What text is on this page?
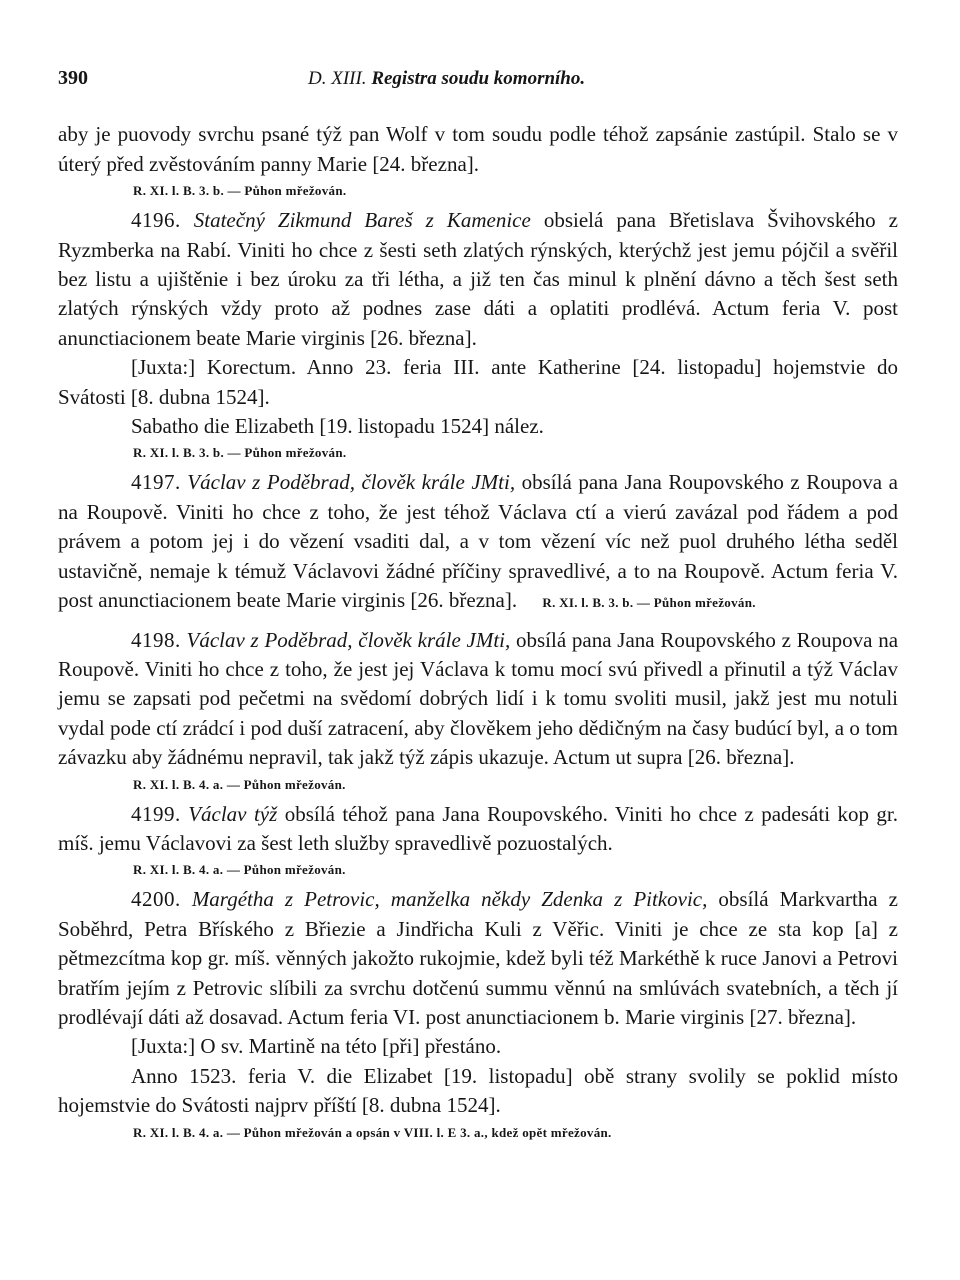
390	D. XIII. Registra soudu komorního.

aby je puovody svrchu psané týž pan Wolf v tom soudu podle téhož zapsánie zastúpil. Stalo se v úterý před zvěstováním panny Marie [24. března].

R. XI. l. B. 3. b. — Půhon mřežován.

4196. Statečný Zikmund Bareš z Kamenice obsielá pana Břetislava Švihovského z Ryzmberka na Rabí. Viniti ho chce z šesti seth zlatých rýnských, kterýchž jest jemu pójčil a svěřil bez listu a ujištěnie i bez úroku za tři létha, a již ten čas minul k plnění dávno a těch šest seth zlatých rýnských vždy proto až podnes zase dáti a oplatiti prodlévá. Actum feria V. post anunctiacionem beate Marie virginis [26. března].

[Juxta:] Korectum. Anno 23. feria III. ante Katherine [24. listopadu] hojemstvie do Svátosti [8. dubna 1524].

Sabatho die Elizabeth [19. listopadu 1524] nález.

R. XI. l. B. 3. b. — Půhon mřežován.

4197. Václav z Poděbrad, člověk krále JMti, obsílá pana Jana Roupovského z Roupova a na Roupově. Viniti ho chce z toho, že jest téhož Václava ctí a vierú zavázal pod řádem a pod právem a potom jej i do vězení vsaditi dal, a v tom vězení víc než puol druhého létha seděl ustavičně, nemaje k témuž Václavovi žádné příčiny spravedlivé, a to na Roupově. Actum feria V. post anunctiacionem beate Marie virginis [26. března]. R. XI. l. B. 3. b. — Půhon mřežován.

4198. Václav z Poděbrad, člověk krále JMti, obsílá pana Jana Roupovského z Roupova na Roupově. Viniti ho chce z toho, že jest jej Václava k tomu mocí svú přivedl a přinutil a týž Václav jemu se zapsati pod pečetmi na svědomí dobrých lidí i k tomu svoliti musil, jakž jest mu notuli vydal pode ctí zrádcí i pod duší zatracení, aby člověkem jeho dědičným na časy budúcí byl, a o tom závazku aby žádnému nepravil, tak jakž týž zápis ukazuje. Actum ut supra [26. března].

R. XI. l. B. 4. a. — Půhon mřežován.

4199. Václav týž obsílá téhož pana Jana Roupovského. Viniti ho chce z padesáti kop gr. míš. jemu Václavovi za šest leth služby spravedlivě pozuostalých.

R. XI. l. B. 4. a. — Půhon mřežován.

4200. Margétha z Petrovic, manželka někdy Zdenka z Pitkovic, obsílá Markvartha z Soběhrd, Petra Bříského z Břiezie a Jindřicha Kuli z Věřic. Viniti je chce ze sta kop [a] z pětmezcítma kop gr. míš. věnných jakožto rukojmie, kdež byli též Markéthě k ruce Janovi a Petrovi bratřím jejím z Petrovic slíbili za svrchu dotčenú summu věnnú na smlúvách svatebních, a těch jí prodlévají dáti až dosavad. Actum feria VI. post anunctiacionem b. Marie virginis [27. března].

[Juxta:] O sv. Martině na této [při] přestáno.

Anno 1523. feria V. die Elizabet [19. listopadu] obě strany svolily se poklid místo hojemstvie do Svátosti najprv příští [8. dubna 1524].

R. XI. l. B. 4. a. — Půhon mřežován a opsán v VIII. l. E 3. a., kdež opět mřežován.
